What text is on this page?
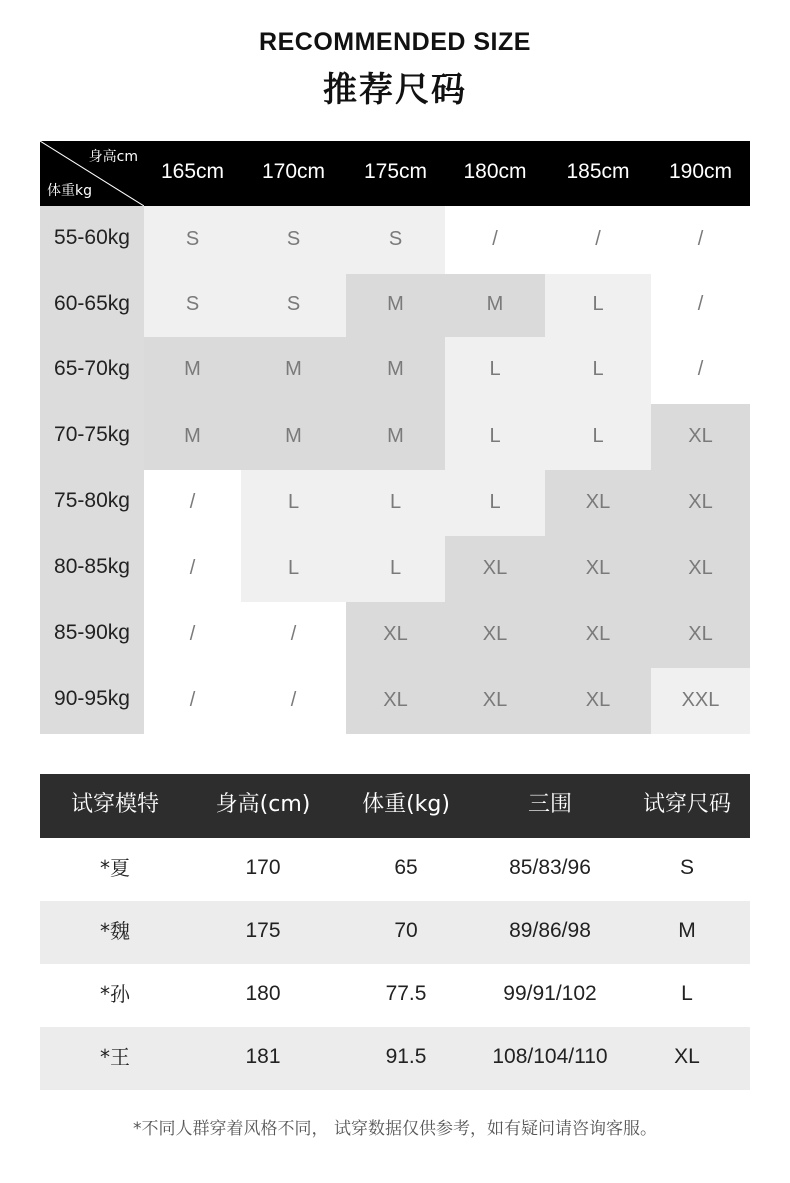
RECOMMENDED SIZE
推荐尺码
身高cm
体重kg
165cm	170cm	175cm	180cm	185cm	190cm
55-60kg	S	S	S	/	/	/
60-65kg	S	S	M	M	L	/
65-70kg	M	M	M	L	L	/
70-75kg	M	M	M	L	L	XL
75-80kg	/	L	L	L	XL	XL
80-85kg	/	L	L	XL	XL	XL
85-90kg	/	/	XL	XL	XL	XL
90-95kg	/	/	XL	XL	XL	XXL
试穿模特	身高(cm)	体重(kg)	三围	试穿尺码
*夏	170	65	85/83/96	S
*魏	175	70	89/86/98	M
*孙	180	77.5	99/91/102	L
*王	181	91.5	108/104/110	XL
*不同人群穿着风格不同， 试穿数据仅供参考，如有疑问请咨询客服。
